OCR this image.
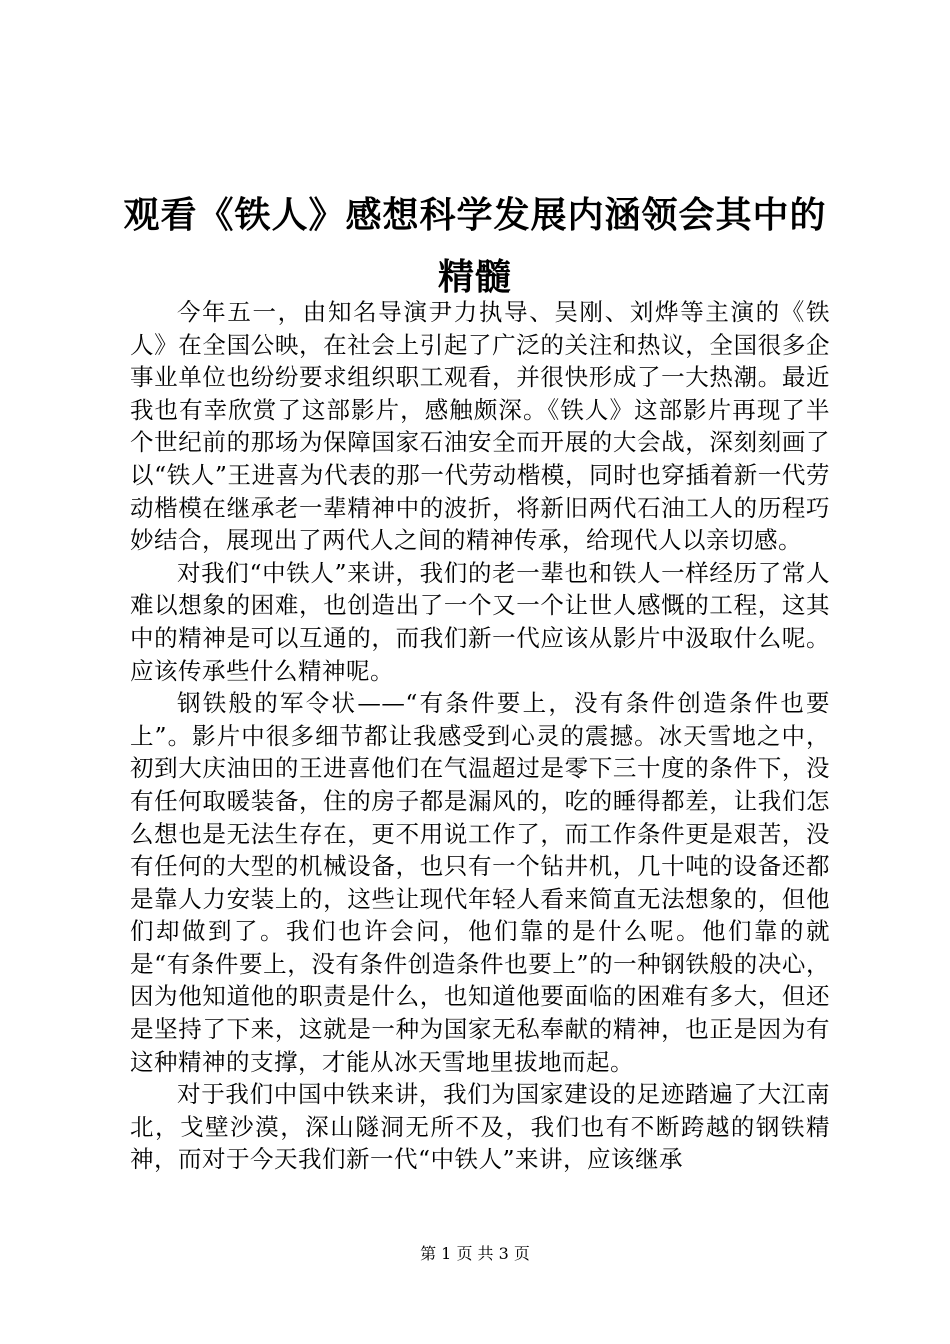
观看《铁人》感想科学发展内涵领会其中的精髓

今年五一，由知名导演尹力执导、吴刚、刘烨等主演的《铁人》在全国公映，在社会上引起了广泛的关注和热议，全国很多企事业单位也纷纷要求组织职工观看，并很快形成了一大热潮。最近我也有幸欣赏了这部影片，感触颇深。《铁人》这部影片再现了半个世纪前的那场为保障国家石油安全而开展的大会战，深刻刻画了以“铁人”王进喜为代表的那一代劳动楷模，同时也穿插着新一代劳动楷模在继承老一辈精神中的波折，将新旧两代石油工人的历程巧妙结合，展现出了两代人之间的精神传承，给现代人以亲切感。

对我们“中铁人”来讲，我们的老一辈也和铁人一样经历了常人难以想象的困难，也创造出了一个又一个让世人感慨的工程，这其中的精神是可以互通的，而我们新一代应该从影片中汲取什么呢。应该传承些什么精神呢。

钢铁般的军令状——“有条件要上，没有条件创造条件也要上”。影片中很多细节都让我感受到心灵的震撼。冰天雪地之中，初到大庆油田的王进喜他们在气温超过是零下三十度的条件下，没有任何取暖装备，住的房子都是漏风的，吃的睡得都差，让我们怎么想也是无法生存在，更不用说工作了，而工作条件更是艰苦，没有任何的大型的机械设备，也只有一个钻井机，几十吨的设备还都是靠人力安装上的，这些让现代年轻人看来简直无法想象的，但他们却做到了。我们也许会问，他们靠的是什么呢。他们靠的就是“有条件要上，没有条件创造条件也要上”的一种钢铁般的决心，因为他知道他的职责是什么，也知道他要面临的困难有多大，但还是坚持了下来，这就是一种为国家无私奉献的精神，也正是因为有这种精神的支撑，才能从冰天雪地里拔地而起。

对于我们中国中铁来讲，我们为国家建设的足迹踏遍了大江南北，戈壁沙漠，深山隧洞无所不及，我们也有不断跨越的钢铁精神，而对于今天我们新一代“中铁人”来讲，应该继承

第 1 页 共 3 页
